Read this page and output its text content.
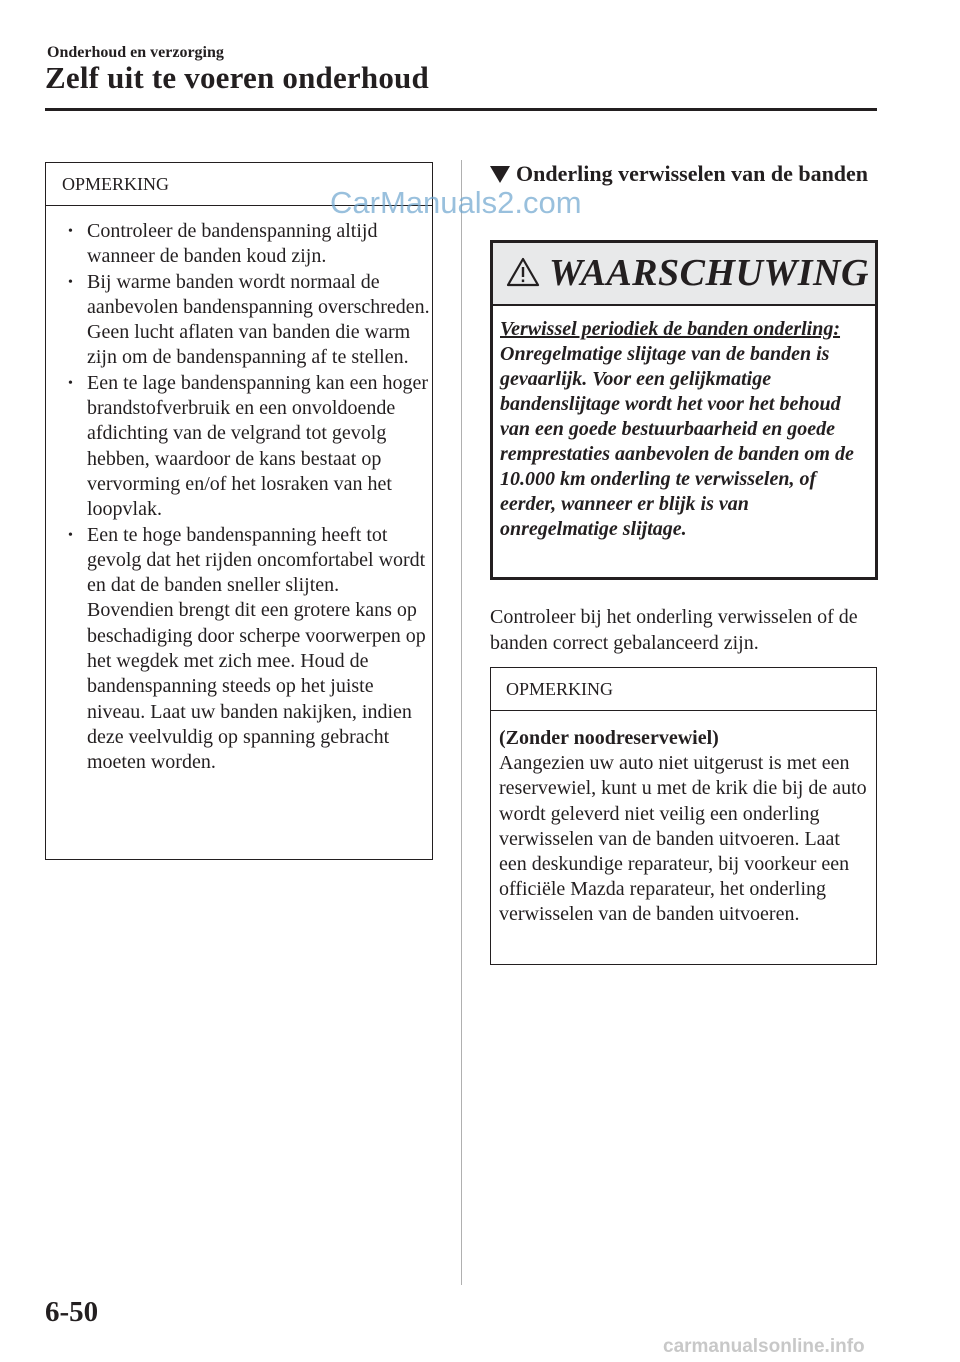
Onderhoud en verzorging
Zelf uit te voeren onderhoud
OPMERKING
• Controleer de bandenspanning altijd wanneer de banden koud zijn.
• Bij warme banden wordt normaal de aanbevolen bandenspanning overschreden. Geen lucht aflaten van banden die warm zijn om de bandenspanning af te stellen.
• Een te lage bandenspanning kan een hoger brandstofverbruik en een onvoldoende afdichting van de velgrand tot gevolg hebben, waardoor de kans bestaat op vervorming en/of het losraken van het loopvlak.
• Een te hoge bandenspanning heeft tot gevolg dat het rijden oncomfortabel wordt en dat de banden sneller slijten. Bovendien brengt dit een grotere kans op beschadiging door scherpe voorwerpen op het wegdek met zich mee. Houd de bandenspanning steeds op het juiste niveau. Laat uw banden nakijken, indien deze veelvuldig op spanning gebracht moeten worden.
CarManuals2.com
Onderling verwisselen van de banden
WAARSCHUWING
Verwissel periodiek de banden onderling:
Onregelmatige slijtage van de banden is gevaarlijk. Voor een gelijkmatige bandenslijtage wordt het voor het behoud van een goede bestuurbaarheid en goede remprestaties aanbevolen de banden om de 10.000 km onderling te verwisselen, of eerder, wanneer er blijk is van onregelmatige slijtage.
Controleer bij het onderling verwisselen of de banden correct gebalanceerd zijn.
OPMERKING
(Zonder noodreservewiel)
Aangezien uw auto niet uitgerust is met een reservewiel, kunt u met de krik die bij de auto wordt geleverd niet veilig een onderling verwisselen van de banden uitvoeren. Laat een deskundige reparateur, bij voorkeur een officiële Mazda reparateur, het onderling verwisselen van de banden uitvoeren.
6-50
carmanualsonline.info
